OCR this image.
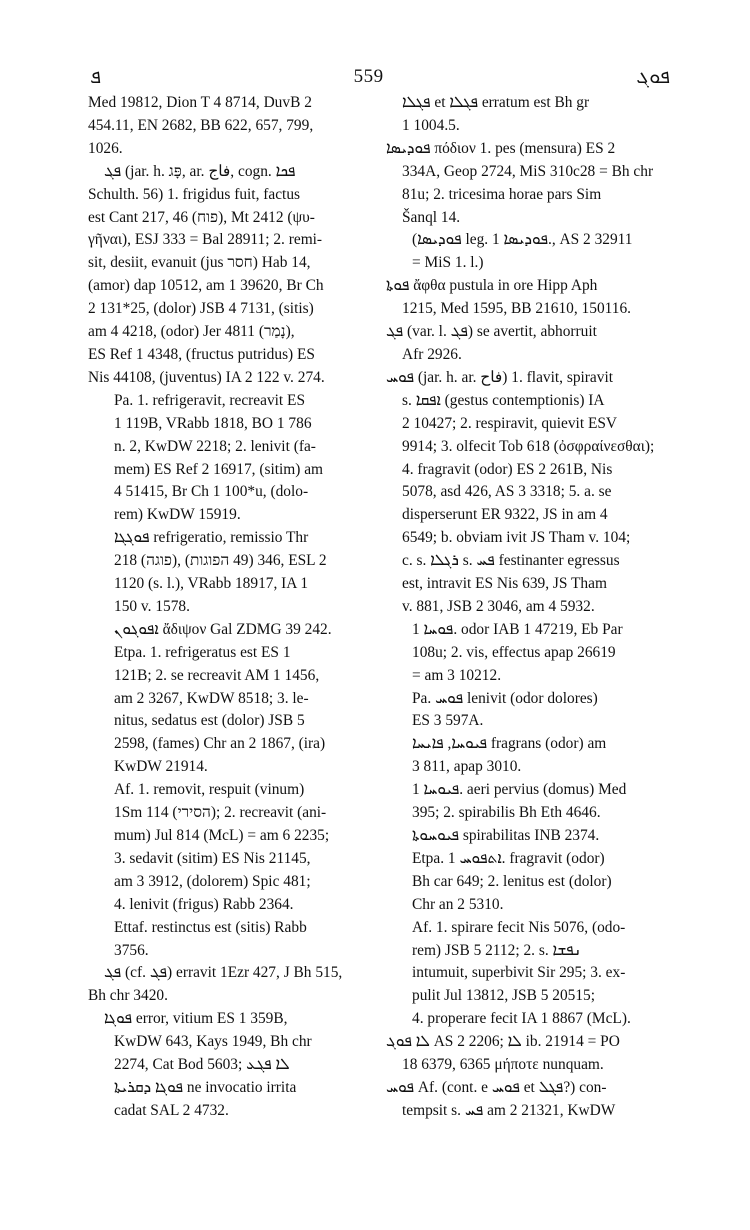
ܦ	559	ܦܘܓ
Med 19812, Dion T 4 8714, DuvB 2
454.11, EN 2682, BB 622, 657, 799,
1026.
ܦܓ (jar. h. פָּג, ar. فاج, cogn. ܦܟܐ
Schulth. 56) 1. frigidus fuit, factus
est Cant 217, 46 (פוח), Mt 2412 (ψυ-
γῆναι), ESJ 333 = Bal 28911; 2. remi-
sit, desiit, evanuit (jus חסר) Hab 14,
(amor) dap 10512, am 1 39620, Br Ch
2 131*25, (dolor) JSB 4 7131, (sitis)
am 4 4218, (odor) Jer 4811 (נָמַר),
ES Ref 1 4348, (fructus putridus) ES
Nis 44108, (juventus) IA 2 122 v. 274.
Pa. 1. refrigeravit, recreavit ES
1 119B, VRabb 1818, BO 1 786
n. 2, KwDW 2218; 2. lenivit (fa-
mem) ES Ref 2 16917, (sitim) am
4 51415, Br Ch 1 100*u, (dolo-
rem) KwDW 15919.
ܦܘܓܓܐ refrigeratio, remissio Thr
218 (פוגה), 346 (49 הפוגות), ESL 2
1120 (s. l.), VRabb 18917, IA 1
150 v. 1578.
ܐܦܘܓܘܢ ἄδιψον Gal ZDMG 39 242.
Etpa. 1. refrigeratus est ES 1
121B; 2. se recreavit AM 1 1456,
am 2 3267, KwDW 8518; 3. le-
nitus, sedatus est (dolor) JSB 5
2598, (fames) Chr an 2 1867, (ira)
KwDW 21914.
Af. 1. removit, respuit (vinum)
1Sm 114 (הסירי); 2. recreavit (ani-
mum) Jul 814 (McL) = am 6 2235;
3. sedavit (sitim) ES Nis 21145,
am 3 3912, (dolorem) Spic 481;
4. lenivit (frigus) Rabb 2364.
Ettaf. restinctus est (sitis) Rabb
3756.
ܦܓ (cf. ܦܓ) erravit 1Ezr 427, J Bh 515,
Bh chr 3420.
ܦܘܓܐ error, vitium ES 1 359B,
KwDW 643, Kays 1949, Bh chr
2274, Cat Bod 5603; ܠܐ ܦܓܥ
ܦܘܓܐ ܕܩܪܝܬܐ ne invocatio irrita
cadat SAL 2 4732.
ܦܓܠܐ et ܦܓܠܐ erratum est Bh gr
1 1004.5.
ܦܘܕܝܣܐ πόδιον 1. pes (mensura) ES 2
334A, Geop 2724, MiS 310c28 = Bh chr
81u; 2. tricesima horae pars Sim
Šanql 14.
(ܦܘܕܝܣܐ leg. ܦܘܕܝܣܐ 1., AS 2 32911
= MiS 1. l.)
ܦܘܬܐ ἄφθα pustula in ore Hipp Aph
1215, Med 1595, BB 21610, 150116.
ܦܓ (var. l. ܦܓ) se avertit, abhorruit
Afr 2926.
ܦܘܚ (jar. h. ar. فاح) 1. flavit, spiravit
s. ܐܦܩܐ (gestus contemptionis) IA
2 10427; 2. respiravit, quievit ESV
9914; 3. olfecit Tob 618 (ὀσφραίνεσθαι);
4. fragravit (odor) ES 2 261B, Nis
5078, asd 426, AS 3 3318; 5. a. se
disperserunt ER 9322, JS in am 4
6549; b. obviam ivit JS Tham v. 104;
c. s. ܪܓܠܐ s. ܦܚ festinanter egressus
est, intravit ES Nis 639, JS Tham
v. 881, JSB 2 3046, am 4 5932.
ܦܘܚܐ 1. odor IAB 1 47219, Eb Par
108u; 2. vis, effectus apap 26619
= am 3 10212.
Pa. ܦܘܚ lenivit (odor dolores)
ES 3 597A.
ܦܝܘܚܐ, ܦܐܝܚܐ fragrans (odor) am
3 811, apap 3010.
ܦܝܘܚܐ 1. aeri pervius (domus) Med
395; 2. spirabilis Bh Eth 4646.
ܦܝܘܚܘܬܐ spirabilitas INB 2374.
Etpa. ܐܬܦܘܚ 1. fragravit (odor)
Bh car 649; 2. lenitus est (dolor)
Chr an 2 5310.
Af. 1. spirare fecit Nis 5076, (odo-
rem) JSB 5 2112; 2. s. ܢܦܫܐ
intumuit, superbivit Sir 295; 3. ex-
pulit Jul 13812, JSB 5 20515;
4. properare fecit IA 1 8867 (McL).
ܠܐ ܦܘܓ AS 2 2206; ܠܐ ib. 21914 = PO
18 6379, 6365 μήποτε nunquam.
ܦܘܚ Af. (cont. e ܦܘܚ et ܦܓܠ?) con-
tempsit s. ܦܚ am 2 21321, KwDW
